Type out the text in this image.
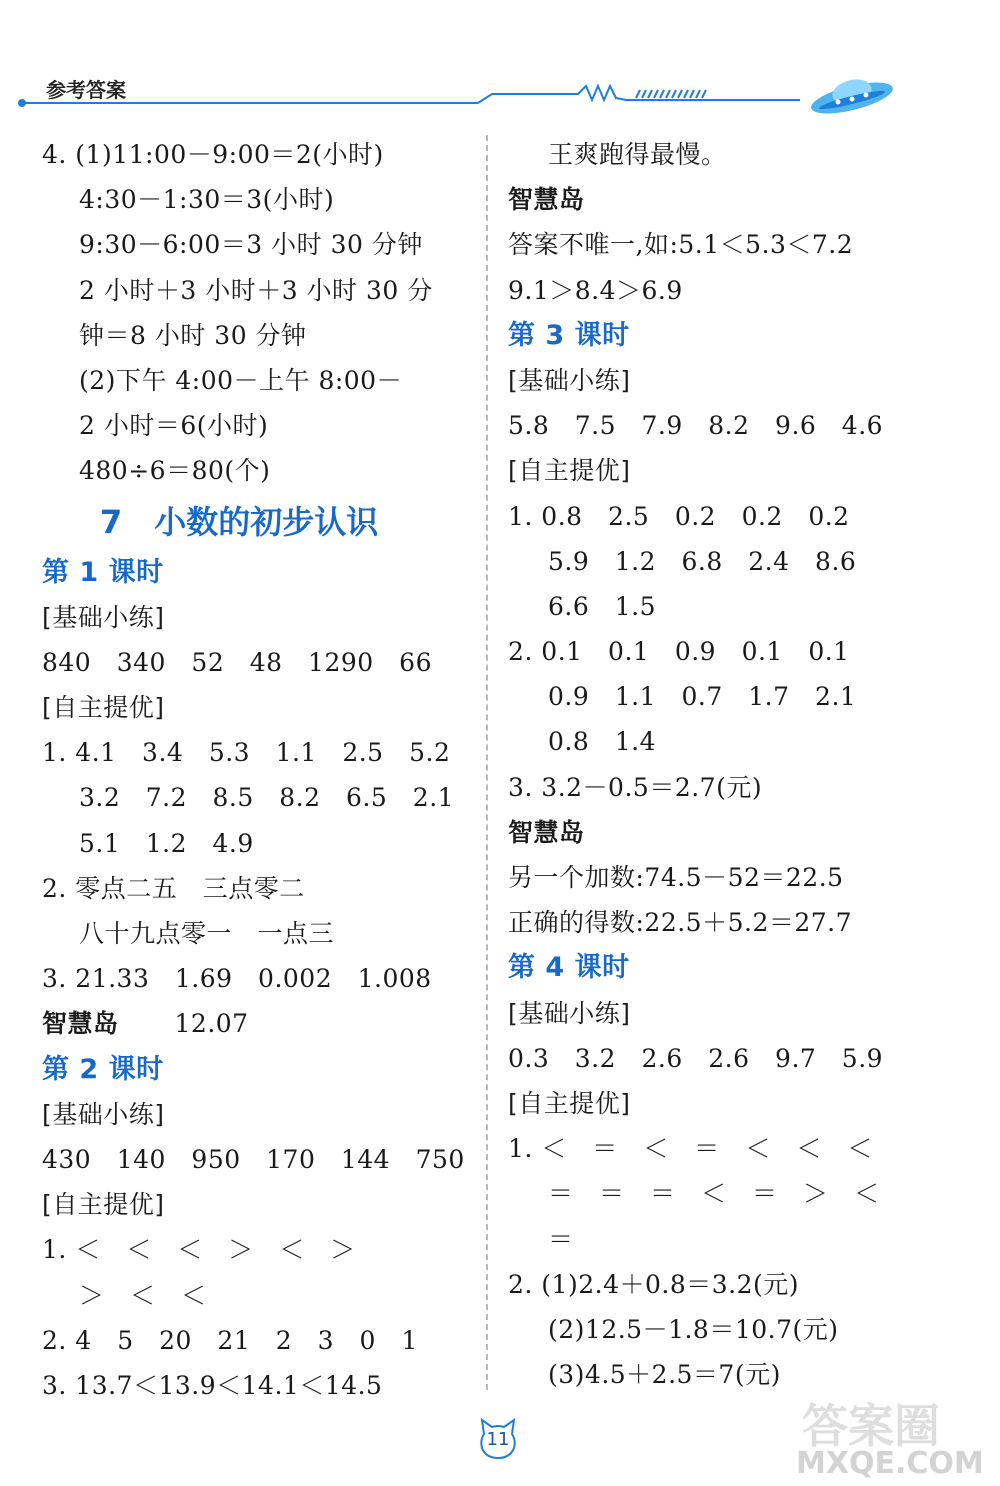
参考答案
4. (1)11:00－9:00＝2(小时)
4:30－1:30＝3(小时)
9:30－6:00＝3 小时 30 分钟
2 小时＋3 小时＋3 小时 30 分
钟＝8 小时 30 分钟
(2)下午 4:00－上午 8:00－
2 小时＝6(小时)
480÷6＝80(个)
7　小数的初步认识
第 1 课时
[基础小练]
840　340　52　48　1290　66
[自主提优]
1. 4.1　3.4　5.3　1.1　2.5　5.2
3.2　7.2　8.5　8.2　6.5　2.1
5.1　1.2　4.9
2. 零点二五　三点零二
八十九点零一　一点三
3. 21.33　1.69　0.002　1.008
智慧岛 12.07
第 2 课时
[基础小练]
430　140　950　170　144　750
[自主提优]
1. ＜　＜　＜　＞　＜　＞
＞　＜　＜
2. 4　5　20　21　2　3　0　1
3. 13.7＜13.9＜14.1＜14.5
王爽跑得最慢。
智慧岛
答案不唯一,如:5.1＜5.3＜7.2
9.1＞8.4＞6.9
第 3 课时
[基础小练]
5.8　7.5　7.9　8.2　9.6　4.6
[自主提优]
1. 0.8　2.5　0.2　0.2　0.2
5.9　1.2　6.8　2.4　8.6
6.6　1.5
2. 0.1　0.1　0.9　0.1　0.1
0.9　1.1　0.7　1.7　2.1
0.8　1.4
3. 3.2－0.5＝2.7(元)
智慧岛
另一个加数:74.5－52＝22.5
正确的得数:22.5＋5.2＝27.7
第 4 课时
[基础小练]
0.3　3.2　2.6　2.6　9.7　5.9
[自主提优]
1. ＜　＝　＜　＝　＜　＜　＜
＝　＝　＝　＜　＝　＞　＜
＝
2. (1)2.4＋0.8＝3.2(元)
(2)12.5－1.8＝10.7(元)
(3)4.5＋2.5＝7(元)
11	答案圈
MXQE.COM
